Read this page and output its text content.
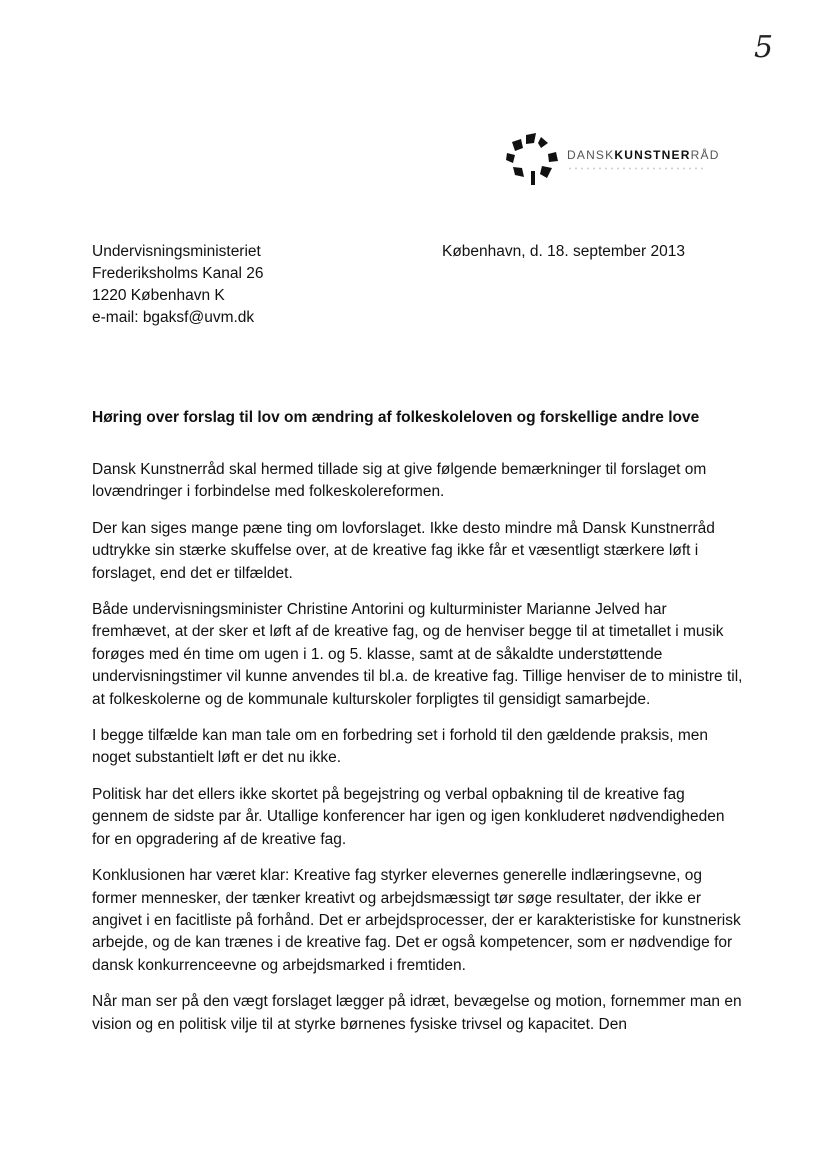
5
DANSKKUNSTNERRÅD
Undervisningsministeriet
Frederiksholms Kanal 26
1220 København K
e-mail: bgaksf@uvm.dk
København, d. 18. september 2013
Høring over forslag til lov om ændring af folkeskoleloven og forskellige andre love

Dansk Kunstnerråd skal hermed tillade sig at give følgende bemærkninger til forslaget om lovændringer i forbindelse med folkeskolereformen.

Der kan siges mange pæne ting om lovforslaget. Ikke desto mindre må Dansk Kunstnerråd udtrykke sin stærke skuffelse over, at de kreative fag ikke får et væsentligt stærkere løft i forslaget, end det er tilfældet.

Både undervisningsminister Christine Antorini og kulturminister Marianne Jelved har fremhævet, at der sker et løft af de kreative fag, og de henviser begge til at timetallet i musik forøges med én time om ugen i 1. og 5. klasse, samt at de såkaldte understøttende undervisningstimer vil kunne anvendes til bl.a. de kreative fag. Tillige henviser de to ministre til, at folkeskolerne og de kommunale kulturskoler forpligtes til gensidigt samarbejde.

I begge tilfælde kan man tale om en forbedring set i forhold til den gældende praksis, men noget substantielt løft er det nu ikke.

Politisk har det ellers ikke skortet på begejstring og verbal opbakning til de kreative fag gennem de sidste par år. Utallige konferencer har igen og igen konkluderet nødvendigheden for en opgradering af de kreative fag.

Konklusionen har været klar: Kreative fag styrker elevernes generelle indlæringsevne, og former mennesker, der tænker kreativt og arbejdsmæssigt tør søge resultater, der ikke er angivet i en facitliste på forhånd. Det er arbejdsprocesser, der er karakteristiske for kunstnerisk arbejde, og de kan trænes i de kreative fag. Det er også kompetencer, som er nødvendige for dansk konkurrenceevne og arbejdsmarked i fremtiden.

Når man ser på den vægt forslaget lægger på idræt, bevægelse og motion, fornemmer man en vision og en politisk vilje til at styrke børnenes fysiske trivsel og kapacitet. Den
